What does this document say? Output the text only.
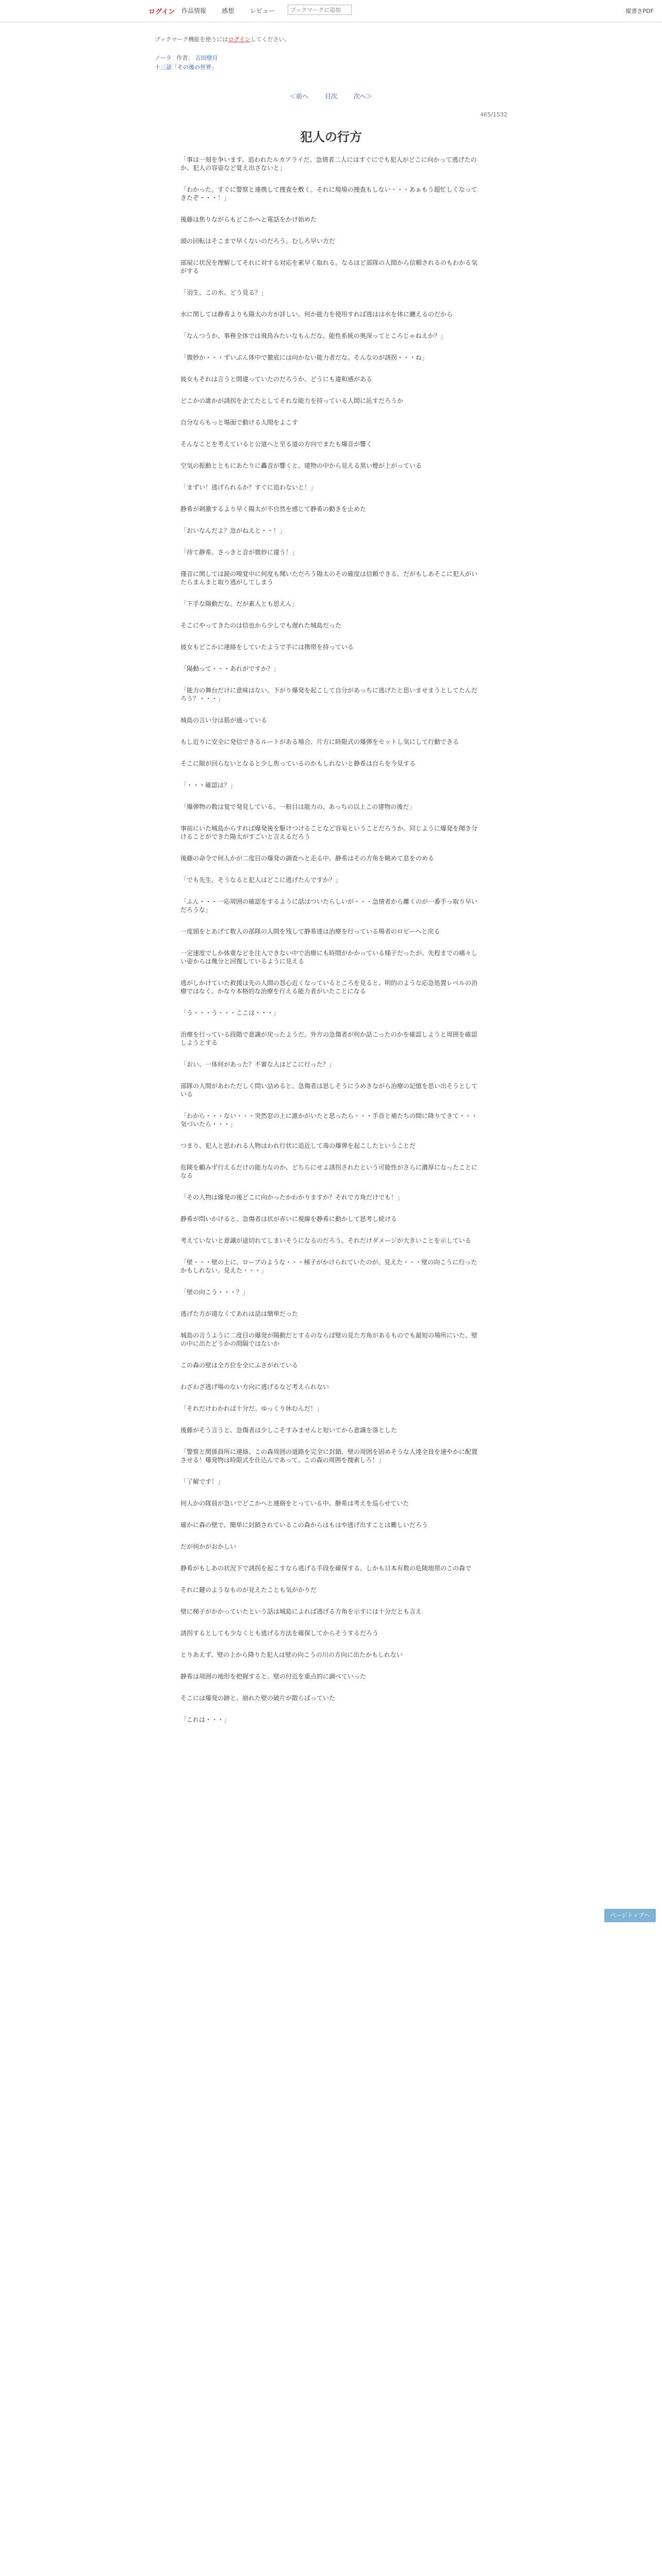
ログイン 作品情報 感想	レビュー
ブックマークに追加	縦書きPDF
ブックマーク機能を使うにはログインしてください。
ノーラ 作者： 吉田壁月
十三話「その後の世界」
＜前へ	目次	次へ＞
465/1532
犯人の行方

「事は一刻を争います。追われたルカアライだ、急情者二人にはすぐにでも犯人がどこに向かって逃げたのか、犯人の容姿など覚え出さないと」

「わかった。すぐに警察と連携して捜査を敷く。それに現場の捜査もしない・・・あぁもう超忙しくなってきたぞ・・・！」

後藤は焦りながらもどこかへと電話をかけ始めた

頭の回転はそこまで早くないのだろう。むしろ早い方だ

部屋に状況を理解してそれに対する対応を素早く取れる。なるほど部隊の人間から信頼されるのもわかる気がする

「羽生、この水、どう見る？」

水に関しては静希よりも陽太の方が詳しい。何か能力を使用すれば逃はは水を体に纏えるのだから

「なんつうか、事務全体では飛鳥みたいなもんだな。能性系統の奥深ってところじゃねえか？」

「微妙か・・・ずいぶん体中で徹底には向かない能力者だな。そんなのが誘拐・・・ね」

彼女もそれは言うと間違っていたのだろうか、どうにも違和感がある

どこかの誰かが誘拐を企てたとしてそれな能力を持っている人間に託すだろうか

自分ならもっと場面で動ける人間をよこす

そんなことを考えていると公道へと至る道の方向でまたも爆音が響く

空気の振動とともにあたりに轟音が響くと、建物の中から見える黒い煙が上がっている

「まずい！逃げられるか？すぐに追わないと！」

静希が刺激するより早く陽太が不自然を感じて静希の動きを止めた

「おいなんだよ？急がねえと・・！」

「待て静希、さっきと音が微妙に違う！」

僅音に関しては鋭の嗅覚中に何度も聞いただろう陽太のその確度は信頼できる。だがもしあそこに犯人がいたらまんまと取り逃がしてしまう

「下手な陽動だな。だが素人とも思えん」

そこにやってきたのは信也から少しでも遅れた城島だった

彼女もどこかに連絡をしていたようで手には携帯を持っている

「陽動って・・・あれがですか？」

「能力の舞台だけに意味はない。下がり爆発を起こして自分があっちに逃げたと思いませまうとしてたんだろう？・・・」

城島の言い分は筋が通っている

もし近りに安全に発信できるルートがある場合、片方に時限式の爆弾をセットし気にして行動できる

そこに隙が回らないとなると少し焦っているのかもしれないと静希は自らを今見する

「・・・確認は？」

「爆弾物の数は覚で発見している。一般目は能力の、あっちの以上この建物の後だ」

事前にいた城島からすれば爆発後を駆けつけることなど容易ということだろうか。同じように爆発を聞き分けることができた陽太がすごいと言えるだろう

後藤の命令で何人かが二度目の爆発の調査へと走る中、静希はその方角を眺めて息をのめる

「でも先生、そうなると犯人はどこに逃げたんですか？」

「ふん・・・一応周囲の確認をするように話はついたらしいが・・・急情者から離くのが一番手っ取り早いだろうな」

一度頭をとあげて数人の部隊の人間を残して静希達は治療を行っている場者のロビーへと戻る

一定速度でしか体重などを注入できない中で治療にも時間がかかっている様子だったが、先程までの痛々しい姿からは幾分と回復しているように見える

逃がしかけていた救援は先の人間の怨心近くなっているところを見ると、明的のような応急処置レベルの治療ではなく、かなり本格的な治療を行える能力者がいたことになる

「う・・・う・・・ここは・・・」

治療を行っている段階で意識が戻ったようだ。外方の急傷者が何か話こったのかを確認しようと周囲を確認しようとする

「おい、一体何があった？不審な人はどこに行った？」

部隊の人間があわただしく問い詰めると、急傷者は思しそうにうめきながら治療の記憶を思い出そうとしている

「わから・・・ない・・・突然窓の上に誰かがいたと思ったら・・・手首と補たちの間に降りてきて・・・気づいたら・・・」

つまり、犯人と思われる人物はわれ行状に追近して毒の爆弾を起こしたということだ

危険を顧みず行えるだけの能力なのか、どちらにせよ誘拐されたという可能性がさらに濃厚になったことになる

「その人物は爆発の後どこに向かったかわかりますか？それで方角だけでも！」

静希が問いかけると、急傷者は状が赤いに視線を静希に動かして思考し続ける

考えていないと意識が途切れてしまいそうになるのだろう。それだけダメージが大きいことを示している

「壁・・・壁の上に、ロープのような・・・梯子がかけられていたのが、見えた・・・壁の向こうに行ったかもしれない。見えた・・・」

「壁の向こう・・・？」

逃げた方が遠なくてあれは話は簡単だった

城島の言うように二度目の爆発が陽動だとするのならば壁の見た方角があるものでも最短の場所にいた、壁の中に出たどうかの間隔ではないか

この森の壁は全方位を全にふさがれている

わざわざ逃げ場のない方向に逃げるなど考えられない

「それだけわかれば十分だ。ゆっくり休むんだ！」

後藤がそう言うと、急傷者は少しこそすみませんと短いてから意識を落とした

「警察と関係員所に連絡、この森周囲の道路を完全に封鎖、壁の周囲を固めそうな人達全員を速やかに配置させる！爆発物は時限式を仕込んであって、この森の周囲を捜索しろ！」

「了解です！」

何人かの隊員が急いでどこかへと連絡をとっている中、静希は考えを巡らせていた

確かに森の壁で、簡単に封鎖されているこの森からはもはや逃げ出すことは難しいだろう

だが何かがおかしい

静希がもしあの状況下で誘拐を起こすなら逃げる手段を確保する。しかも日本有数の危険地帯のこの森で

それに鍵のようなものが見えたことも気がかりだ

壁に梯子がかかっていたという話は城島によれば逃げる方角を示すには十分だとも言え

誘拐するとしても少なくとも逃げる方法を確保してからそうするだろう

とりあえず、壁の上から降りた犯人は壁の向こうの川の方向に出たかもしれない

静希は周囲の地形を把握すると、壁の付近を重点的に調べていった

そこには爆発の跡と、崩れた壁の破片が散らばっていた

「これは・・・」

ページトップへ
